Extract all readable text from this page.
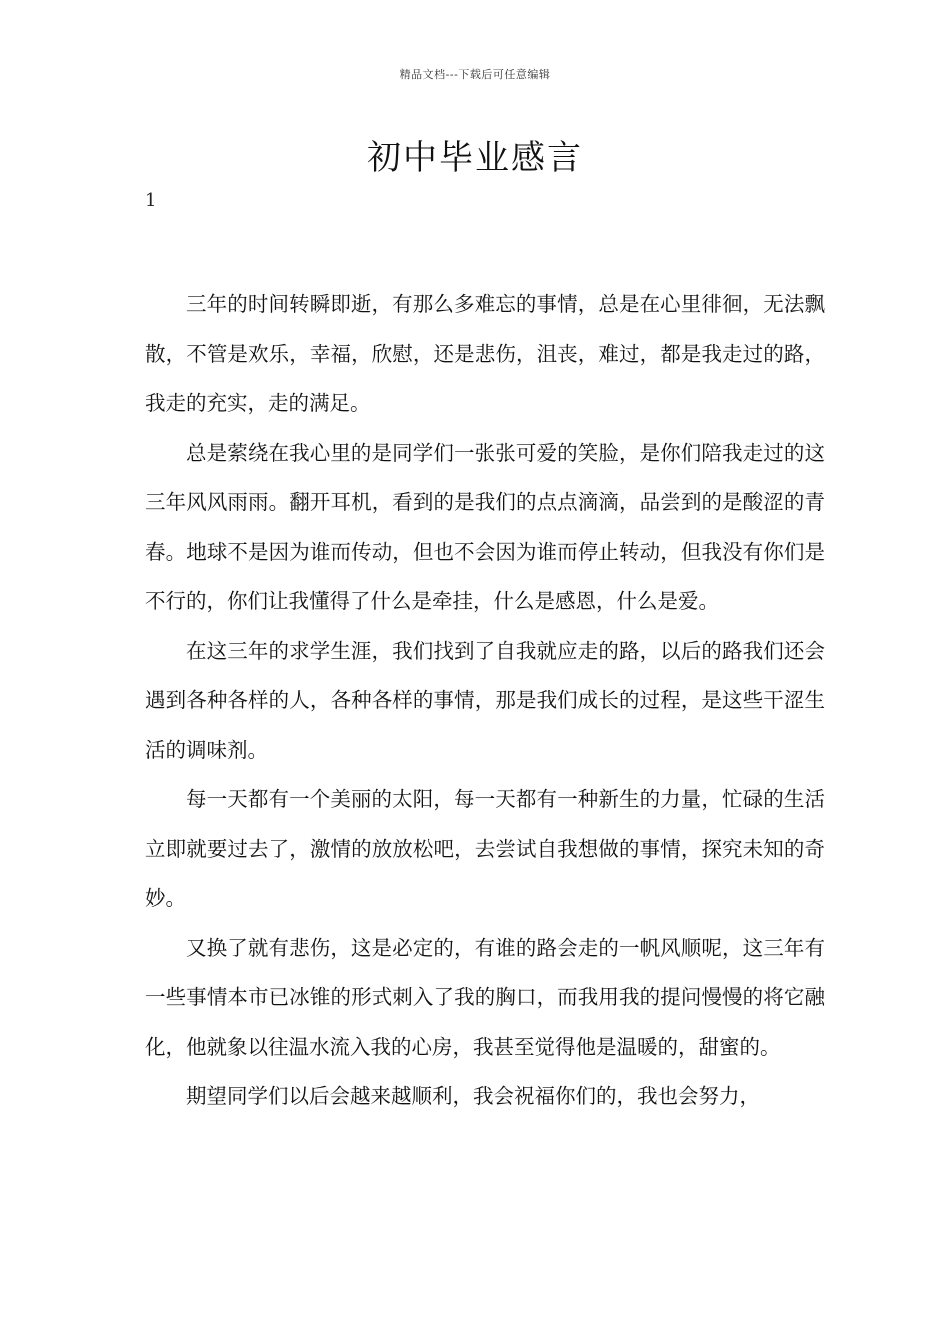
精品文档---下载后可任意编辑
初中毕业感言
1

三年的时间转瞬即逝，有那么多难忘的事情，总是在心里徘徊，无法飘散，不管是欢乐，幸福，欣慰，还是悲伤，沮丧，难过，都是我走过的路，我走的充实，走的满足。

总是萦绕在我心里的是同学们一张张可爱的笑脸，是你们陪我走过的这三年风风雨雨。翻开耳机，看到的是我们的点点滴滴，品尝到的是酸涩的青春。地球不是因为谁而传动，但也不会因为谁而停止转动，但我没有你们是不行的，你们让我懂得了什么是牵挂，什么是感恩，什么是爱。

在这三年的求学生涯，我们找到了自我就应走的路，以后的路我们还会遇到各种各样的人，各种各样的事情，那是我们成长的过程，是这些干涩生活的调味剂。

每一天都有一个美丽的太阳，每一天都有一种新生的力量，忙碌的生活立即就要过去了，激情的放放松吧，去尝试自我想做的事情，探究未知的奇妙。

又换了就有悲伤，这是必定的，有谁的路会走的一帆风顺呢，这三年有一些事情本市已冰锥的形式刺入了我的胸口，而我用我的提问慢慢的将它融化，他就象以往温水流入我的心房，我甚至觉得他是温暖的，甜蜜的。

期望同学们以后会越来越顺利，我会祝福你们的，我也会努力，
